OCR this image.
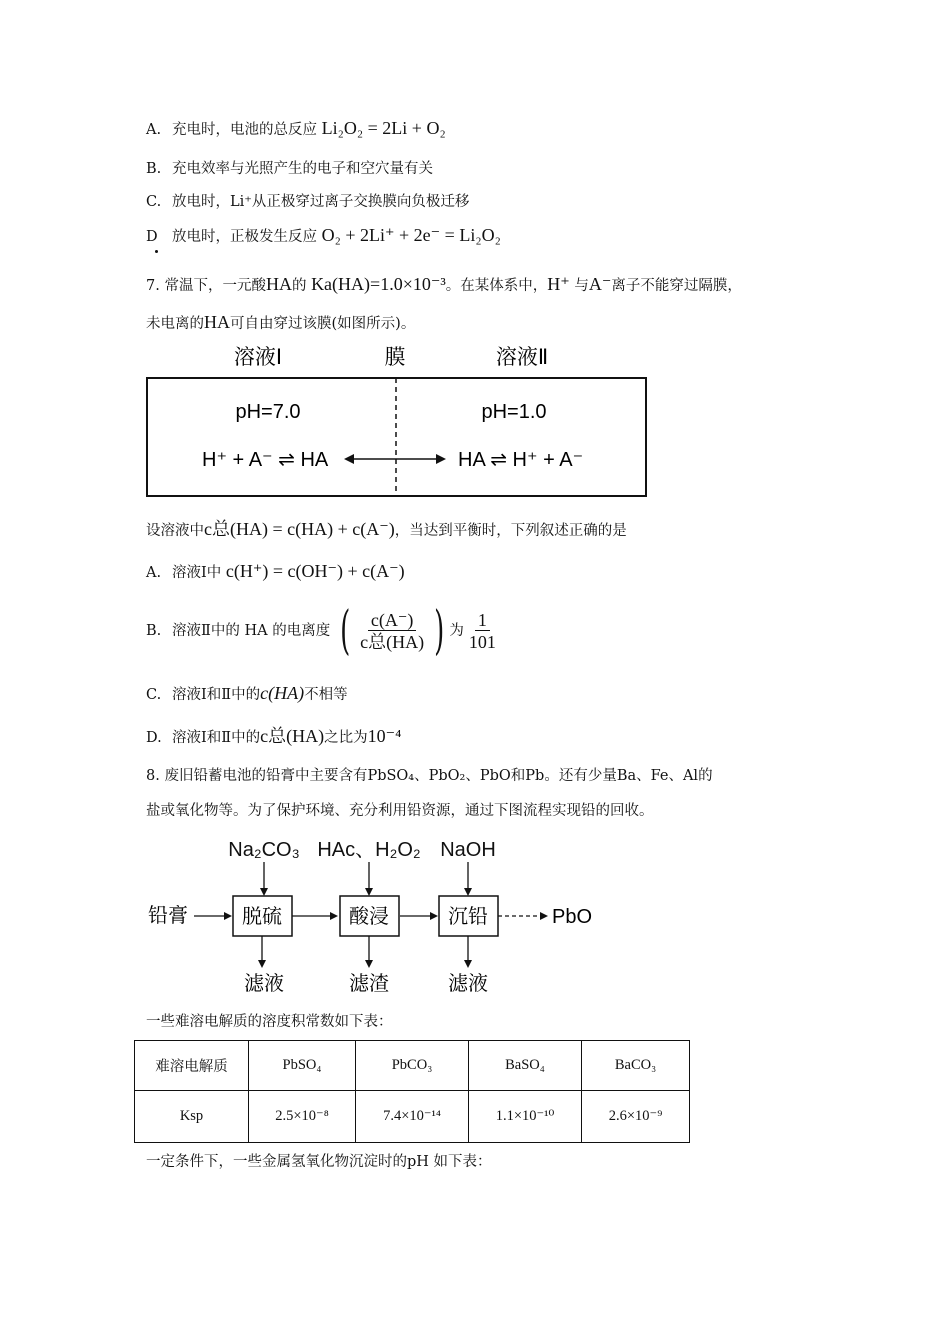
A. 充电时，电池的总反应 Li₂O₂ = 2Li + O₂
B. 充电效率与光照产生的电子和空穴量有关
C. 放电时，Li⁺从正极穿过离子交换膜向负极迁移
D 放电时，正极发生反应 O₂ + 2Li⁺ + 2e⁻ = Li₂O₂
7. 常温下，一元酸HA的 Ka(HA)=1.0×10⁻³。在某体系中，H⁺ 与A⁻离子不能穿过隔膜，
未电离的HA可自由穿过该膜(如图所示)。
膜
溶液Ⅰ	溶液Ⅱ
pH=7.0	pH=1.0
H⁺ + A⁻ ⇌ HA	HA ⇌ H⁺ + A⁻
设溶液中c总(HA) = c(HA) + c(A⁻)，当达到平衡时，下列叙述正确的是
A. 溶液Ⅰ中 c(H⁺) = c(OH⁻) + c(A⁻)
B. 溶液Ⅱ中的 HA 的电离度 ( $\frac{c(A^-)}{\text{c总(HA)}}$ ) 为 $\frac{1}{101}$
C. 溶液Ⅰ和Ⅱ中的c(HA)不相等
D. 溶液Ⅰ和Ⅱ中的c总(HA)之比为10⁻⁴
8. 废旧铅蓄电池的铅膏中主要含有PbSO₄、PbO₂、PbO和Pb。还有少量Ba、Fe、Al的
盐或氧化物等。为了保护环境、充分利用铅资源，通过下图流程实现铅的回收。
Na₂CO₃ HAc、H₂O₂ NaOH
铅膏	脱硫	酸浸	沉铅	PbO
滤液	滤渣	滤液
一些难溶电解质的溶度积常数如下表：
难溶电解质	PbSO₄	PbCO₃	BaSO₄	BaCO₃
Ksp	2.5×10⁻⁸	7.4×10⁻¹⁴	1.1×10⁻¹⁰	2.6×10⁻⁹
一定条件下，一些金属氢氧化物沉淀时的pH 如下表：
